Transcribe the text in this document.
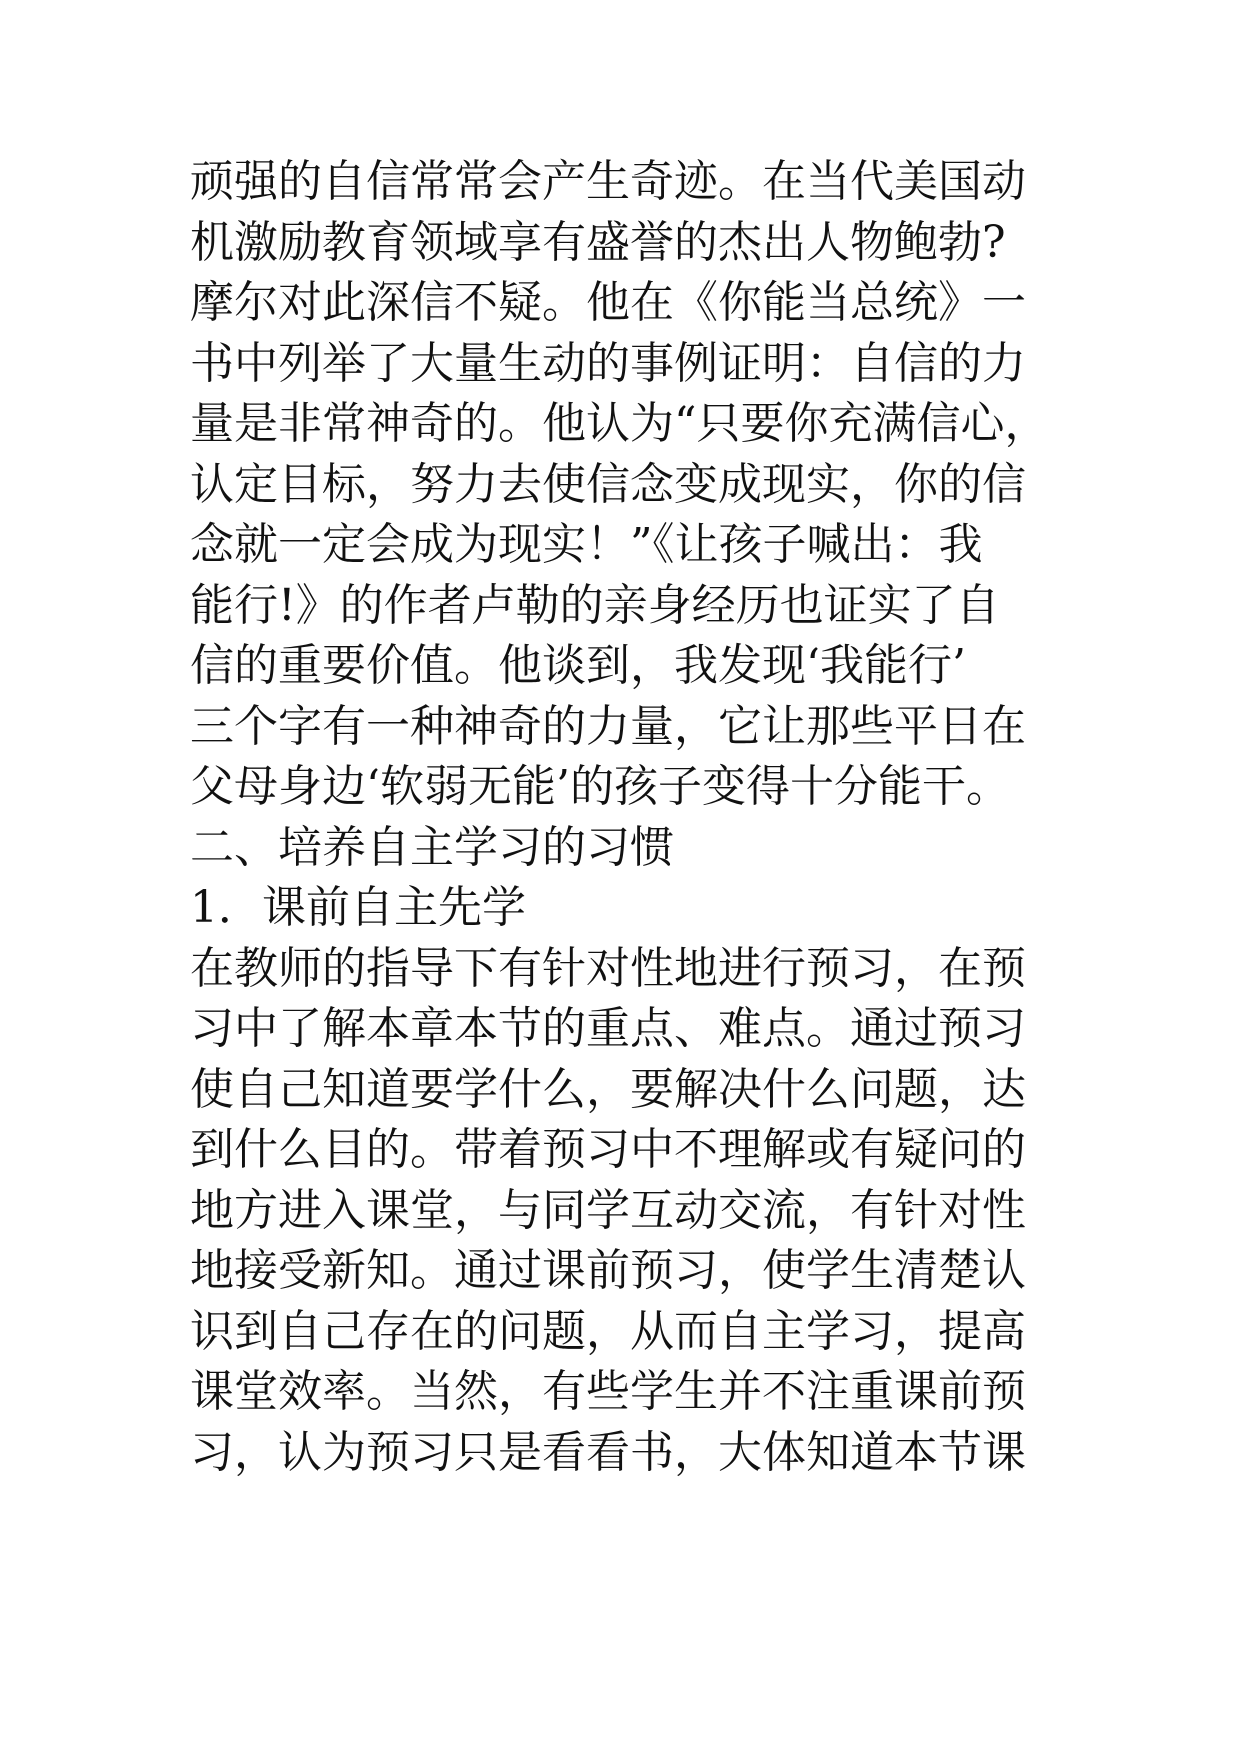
顽强的自信常常会产生奇迹。在当代美国动
机激励教育领域享有盛誉的杰出人物鲍勃?
摩尔对此深信不疑。他在《你能当总统》一
书中列举了大量生动的事例证明：自信的力
量是非常神奇的。他认为“只要你充满信心，
认定目标，努力去使信念变成现实，你的信
念就一定会成为现实！”《让孩子喊出：我
能行!》的作者卢勒的亲身经历也证实了自
信的重要价值。他谈到，我发现‘我能行’
三个字有一种神奇的力量，它让那些平日在
父母身边‘软弱无能’的孩子变得十分能干。
二、培养自主学习的习惯
1．课前自主先学
在教师的指导下有针对性地进行预习，在预
习中了解本章本节的重点、难点。通过预习
使自己知道要学什么，要解决什么问题，达
到什么目的。带着预习中不理解或有疑问的
地方进入课堂，与同学互动交流，有针对性
地接受新知。通过课前预习，使学生清楚认
识到自己存在的问题，从而自主学习，提高
课堂效率。当然，有些学生并不注重课前预
习，认为预习只是看看书，大体知道本节课
